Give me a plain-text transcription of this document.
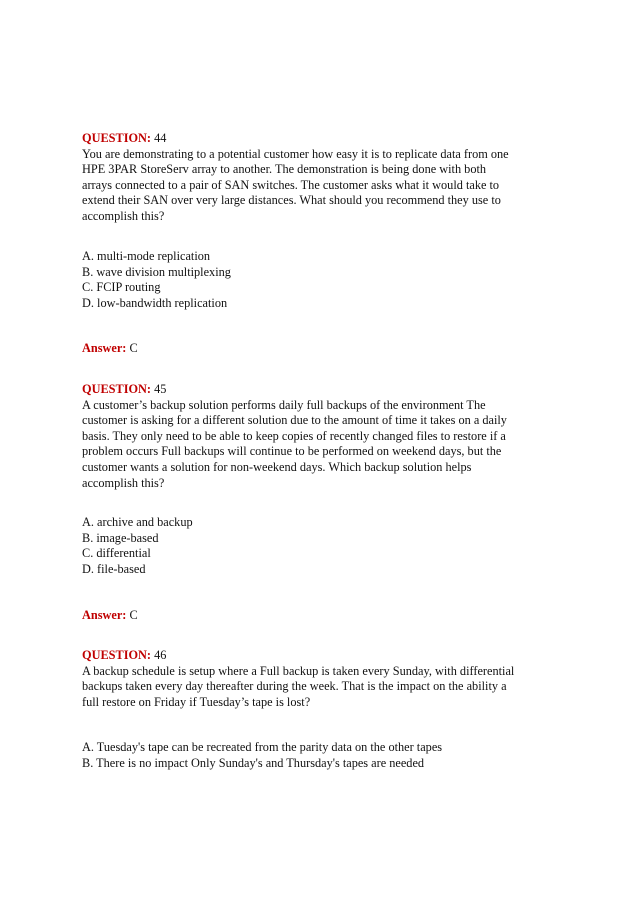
QUESTION: 44
You are demonstrating to a potential customer how easy it is to replicate data from one
HPE 3PAR StoreServ array to another. The demonstration is being done with both
arrays connected to a pair of SAN switches. The customer asks what it would take to
extend their SAN over very large distances. What should you recommend they use to
accomplish this?
A. multi-mode replication
B. wave division multiplexing
C. FCIP routing
D. low-bandwidth replication
Answer: C
QUESTION: 45
A customer’s backup solution performs daily full backups of the environment The
customer is asking for a different solution due to the amount of time it takes on a daily
basis. They only need to be able to keep copies of recently changed files to restore if a
problem occurs Full backups will continue to be performed on weekend days, but the
customer wants a solution for non-weekend days. Which backup solution helps
accomplish this?
A. archive and backup
B. image-based
C. differential
D. file-based
Answer: C
QUESTION: 46
A backup schedule is setup where a Full backup is taken every Sunday, with differential
backups taken every day thereafter during the week. That is the impact on the ability a
full restore on Friday if Tuesday’s tape is lost?
A. Tuesday's tape can be recreated from the parity data on the other tapes
B. There is no impact Only Sunday's and Thursday's tapes are needed
